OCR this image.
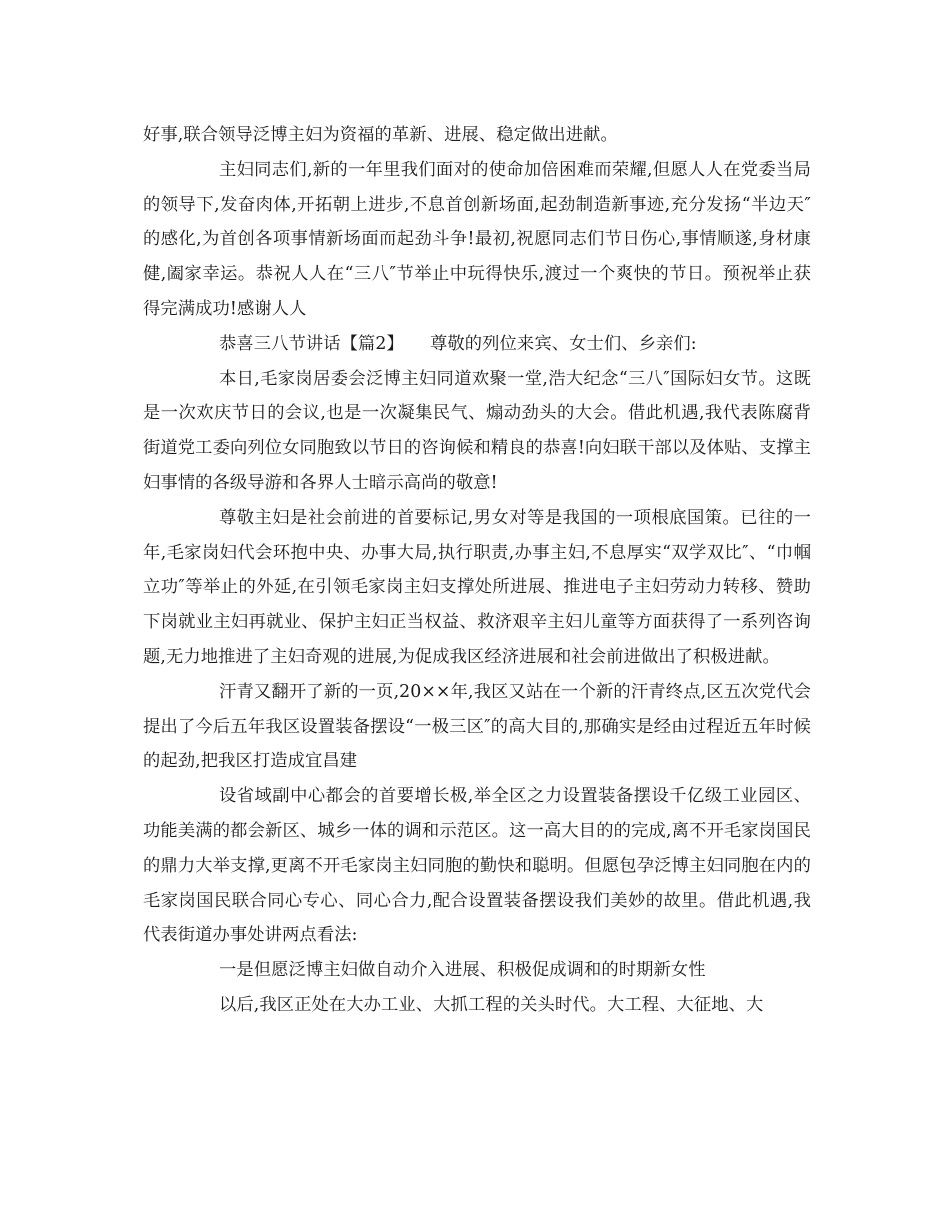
好事,联合领导泛博主妇为资福的革新、进展、稳定做出进献。

主妇同志们,新的一年里我们面对的使命加倍困难而荣耀,但愿人人在党委当局的领导下,发奋肉体,开拓朝上进步,不息首创新场面,起劲制造新事迹,充分发扬“半边天″的感化,为首创各项事情新场面而起劲斗争!最初,祝愿同志们节日伤心,事情顺遂,身材康健,阖家幸运。恭祝人人在“三八″节举止中玩得快乐,渡过一个爽快的节日。预祝举止获得完满成功!感谢人人

恭喜三八节讲话【篇2】　　尊敬的列位来宾、女士们、乡亲们:

本日,毛家岗居委会泛博主妇同道欢聚一堂,浩大纪念“三八″国际妇女节。这既是一次欢庆节日的会议,也是一次凝集民气、煽动劲头的大会。借此机遇,我代表陈腐背街道党工委向列位女同胞致以节日的咨询候和精良的恭喜!向妇联干部以及体贴、支撑主妇事情的各级导游和各界人士暗示高尚的敬意!

尊敬主妇是社会前进的首要标记,男女对等是我国的一项根底国策。已往的一年,毛家岗妇代会环抱中央、办事大局,执行职责,办事主妇,不息厚实“双学双比″、“巾帼立功″等举止的外延,在引领毛家岗主妇支撑处所进展、推进电子主妇劳动力转移、赞助下岗就业主妇再就业、保护主妇正当权益、救济艰辛主妇儿童等方面获得了一系列咨询题,无力地推进了主妇奇观的进展,为促成我区经济进展和社会前进做出了积极进献。

汗青又翻开了新的一页,20××年,我区又站在一个新的汗青终点,区五次党代会提出了今后五年我区设置装备摆设“一极三区″的高大目的,那确实是经由过程近五年时候的起劲,把我区打造成宜昌建

设省域副中心都会的首要增长极,举全区之力设置装备摆设千亿级工业园区、功能美满的都会新区、城乡一体的调和示范区。这一高大目的的完成,离不开毛家岗国民的鼎力大举支撑,更离不开毛家岗主妇同胞的勤快和聪明。但愿包孕泛博主妇同胞在内的毛家岗国民联合同心专心、同心合力,配合设置装备摆设我们美妙的故里。借此机遇,我代表街道办事处讲两点看法:

一是但愿泛博主妇做自动介入进展、积极促成调和的时期新女性

以后,我区正处在大办工业、大抓工程的关头时代。大工程、大征地、大
